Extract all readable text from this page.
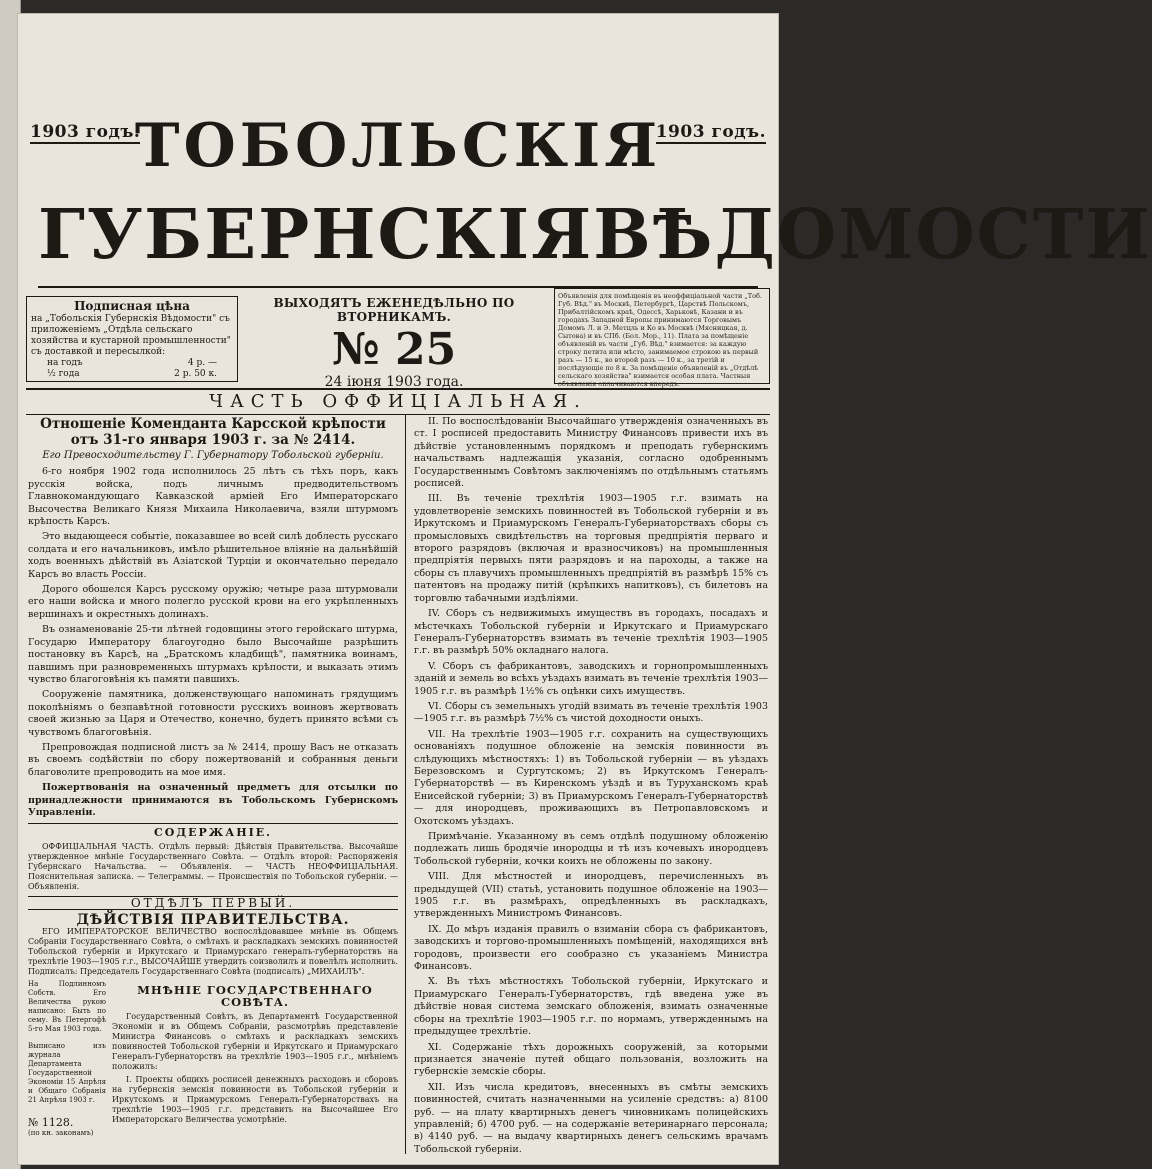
1903 годъ.	1903 годъ.
ТОБОЛЬСКIЯ
ГУБЕРНСКIЯ ВѢДОМОСТИ
Подписная цѣна
на „Тобольскія Губернскія Вѣдомости" съ приложеніемъ „Отдѣла сельскаго хозяйства и кустарной промышленности" съ доставкой и пересылкой:
на годъ	4 р. —
½ года	2 р. 50 к.
ВЫХОДЯТЪ ЕЖЕНЕДѢЛЬНО ПО ВТОРНИКАМЪ.
№ 25
24 іюня 1903 года.
Объявленія для помѣщенія въ неоффиціальной части „Тоб. Губ. Вѣд." въ Москвѣ, Петербургѣ, Царствѣ Польскомъ, Прибалтійскомъ краѣ, Одессѣ, Харьковѣ, Казани и въ городахъ Западной Европы принимаются Торговымъ Домомъ Л. и Э. Метцль и Ко въ Москвѣ (Мясницкая, д. Сытова) и въ СПб. (Бол. Мор., 11). Плата за помѣщеніе объявленій въ части „Губ. Вѣд." взимается: за каждую строку петита или мѣсто, занимаемое строкою въ первый разъ — 15 к., во второй разъ — 10 к., за третій и послѣдующіе по 8 к. За помѣщеніе объявленій въ „Отдѣлѣ сельскаго хозяйства" взимается особая плата. Частныя объявленія оплачиваются впередъ.
ЧАСТЬ ОФФИЦIАЛЬНАЯ.
Отношеніе Коменданта Карсской крѣпости отъ 31-го января 1903 г. за № 2414.
Его Превосходительству Г. Губернатору Тобольской губерніи.

6-го ноября 1902 года исполнилось 25 лѣтъ съ тѣхъ поръ, какъ русскія войска, подъ личнымъ предводительствомъ Главнокомандующаго Кавказской арміей Его Императорскаго Высочества Великаго Князя Михаила Николаевича, взяли штурмомъ крѣпость Карсъ.

Это выдающееся событіе, показавшее во всей силѣ доблесть русскаго солдата и его начальниковъ, имѣло рѣшительное вліяніе на дальнѣйшій ходъ военныхъ дѣйствій въ Азіатской Турціи и окончательно передало Карсъ во власть Россіи.

Дорого обошелся Карсъ русскому оружію; четыре раза штурмовали его наши войска и много полегло русской крови на его укрѣпленныхъ вершинахъ и окрестныхъ долинахъ.

Въ ознаменованіе 25-ти лѣтней годовщины этого геройскаго штурма, Государю Императору благоугодно было Высочайше разрѣшить постановку въ Карсѣ, на „Братскомъ кладбищѣ", памятника воинамъ, павшимъ при разновременныхъ штурмахъ крѣпости, и выказать этимъ чувство благоговѣнія къ памяти павшихъ.

Сооруженіе памятника, долженствующаго напоминать грядущимъ поколѣніямъ о безпавѣтной готовности русскихъ воиновъ жертвовать своей жизнью за Царя и Отечество, конечно, будетъ принято всѣми съ чувствомъ благоговѣнія.

Препровождая подписной листъ за № 2414, прошу Васъ не отказать въ своемъ содѣйствіи по сбору пожертвованій и собранныя деньги благоволите препроводить на мое имя.

Пожертвованія на означенный предметъ для отсылки по принадлежности принимаются въ Тобольскомъ Губернскомъ Управленіи.

СОДЕРЖАНІЕ.

ОФФИЦIАЛЬНАЯ ЧАСТЬ. Отдѣлъ первый: Дѣйствія Правительства. Высочайше утвержденное мнѣніе Государственнаго Совѣта. — Отдѣлъ второй: Распоряженія Губернскаго Начальства. — Объявленія. — ЧАСТЬ НЕОФФИЦIАЛЬНАЯ. Пояснительная записка. — Телеграммы. — Происшествія по Тобольской губерніи. — Объявленія.

ОТДѢЛЪ ПЕРВЫЙ.
ДѢЙСТВIЯ ПРАВИТЕЛЬСТВА.

ЕГО ИМПЕРАТОРСКОЕ ВЕЛИЧЕСТВО воспослѣдовавшее мнѣніе въ Общемъ Собраніи Государственнаго Совѣта, о смѣтахъ и раскладкахъ земскихъ повинностей Тобольской губерніи и Иркутскаго и Приамурскаго генералъ-губернаторствъ на трехлѣтіе 1903—1905 г.г., ВЫСОЧАЙШЕ утвердить соизволилъ и повелѣлъ исполнить. Подписалъ: Председатель Государственнаго Совѣта (подписалъ) „МИХАИЛЪ".

На Подлинномъ Собств. Его Величества рукою написано: Быть по сему. Въ Петергофѣ 5-го Мая 1903 года.
Выписано изъ журнала Департамента Государственной Экономіи 15 Апрѣля и Общаго Собранія 21 Апрѣля 1903 г.
№ 1128.
(по кн. законамъ)
МНѢНІЕ ГОСУДАРСТВЕННАГО СОВѢТА.

Государственный Совѣтъ, въ Департаментѣ Государственной Экономіи и въ Общемъ Собраніи, разсмотрѣвъ представленіе Министра Финансовъ о смѣтахъ и раскладкахъ земскихъ повинностей Тобольской губерніи и Иркутскаго и Приамурскаго Генералъ-Губернаторствъ на трехлѣтіе 1903—1905 г.г., мнѣніемъ положилъ:

I. Проекты общихъ росписей денежныхъ расходовъ и сборовъ на губернскія земскія повинности въ Тобольской губерніи и Иркутскомъ и Приамурскомъ Генералъ-Губернаторствахъ на трехлѣтіе 1903—1905 г.г. представить на Высочайшее Его Императорскаго Величества усмотрѣніе.

II. По воспослѣдованіи Высочайшаго утвержденія означенныхъ въ ст. I росписей предоставить Министру Финансовъ привести ихъ въ дѣйствіе установленнымъ порядкомъ и преподать губернскимъ начальствамъ надлежащія указанія, согласно одобреннымъ Государственнымъ Совѣтомъ заключеніямъ по отдѣльнымъ статьямъ росписей.

III. Въ теченіе трехлѣтія 1903—1905 г.г. взимать на удовлетвореніе земскихъ повинностей въ Тобольской губерніи и въ Иркутскомъ и Приамурскомъ Генералъ-Губернаторствахъ сборы съ промысловыхъ свидѣтельствъ на торговыя предпріятія перваго и второго разрядовъ (включая и вразносчиковъ) на промышленныя предпріятія первыхъ пяти разрядовъ и на пароходы, а также на сборы съ плавучихъ промышленныхъ предпріятій въ размѣрѣ 15% съ патентовъ на продажу питій (крѣпкихъ напитковъ), съ билетовъ на торговлю табачными издѣліями.

IV. Сборъ съ недвижимыхъ имуществъ въ городахъ, посадахъ и мѣстечкахъ Тобольской губерніи и Иркутскаго и Приамурскаго Генералъ-Губернаторствъ взимать въ теченіе трехлѣтія 1903—1905 г.г. въ размѣрѣ 50% окладнаго налога.

V. Сборъ съ фабрикантовъ, заводскихъ и горнопромышленныхъ зданій и земель во всѣхъ уѣздахъ взимать въ теченіе трехлѣтія 1903—1905 г.г. въ размѣрѣ 1½% съ оцѣнки сихъ имуществъ.

VI. Сборы съ земельныхъ угодій взимать въ теченіе трехлѣтія 1903—1905 г.г. въ размѣрѣ 7½% съ чистой доходности оныхъ.

VII. На трехлѣтіе 1903—1905 г.г. сохранить на существующихъ основаніяхъ подушное обложеніе на земскія повинности въ слѣдующихъ мѣстностяхъ: 1) въ Тобольской губерніи — въ уѣздахъ Березовскомъ и Сургутскомъ; 2) въ Иркутскомъ Генералъ-Губернаторствѣ — въ Киренскомъ уѣздѣ и въ Туруханскомъ краѣ Енисейской губерніи; 3) въ Приамурскомъ Генералъ-Губернаторствѣ — для инородцевъ, проживающихъ въ Петропавловскомъ и Охотскомъ уѣздахъ.

Примѣчаніе. Указанному въ семъ отдѣлѣ подушному обложенію подлежать лишь бродячіе инородцы и тѣ изъ кочевыхъ инородцевъ Тобольской губерніи, кочки коихъ не обложены по закону.

VIII. Для мѣстностей и инородцевъ, перечисленныхъ въ предыдущей (VII) статьѣ, установить подушное обложеніе на 1903—1905 г.г. въ размѣрахъ, опредѣленныхъ въ раскладкахъ, утвержденныхъ Министромъ Финансовъ.

IX. До мѣръ изданія правилъ о взиманіи сбора съ фабрикантовъ, заводскихъ и торгово-промышленныхъ помѣщеній, находящихся внѣ городовъ, произвести его сообразно съ указаніемъ Министра Финансовъ.

X. Въ тѣхъ мѣстностяхъ Тобольской губерніи, Иркутскаго и Приамурскаго Генералъ-Губернаторствъ, гдѣ введена уже въ дѣйствіе новая система земскаго обложенія, взимать означенные сборы на трехлѣтіе 1903—1905 г.г. по нормамъ, утвержденнымъ на предыдущее трехлѣтіе.

XI. Содержаніе тѣхъ дорожныхъ сооруженій, за которыми признается значеніе путей общаго пользованія, возложить на губернскіе земскіе сборы.

XII. Изъ числа кредитовъ, внесенныхъ въ смѣты земскихъ повинностей, считать назначенными на усиленіе средствъ: а) 8100 руб. — на плату квартирныхъ денегъ чиновникамъ полицейскихъ управленій; б) 4700 руб. — на содержаніе ветеринарнаго персонала; в) 4140 руб. — на выдачу квартирныхъ денегъ сельскимъ врачамъ Тобольской губерніи.
